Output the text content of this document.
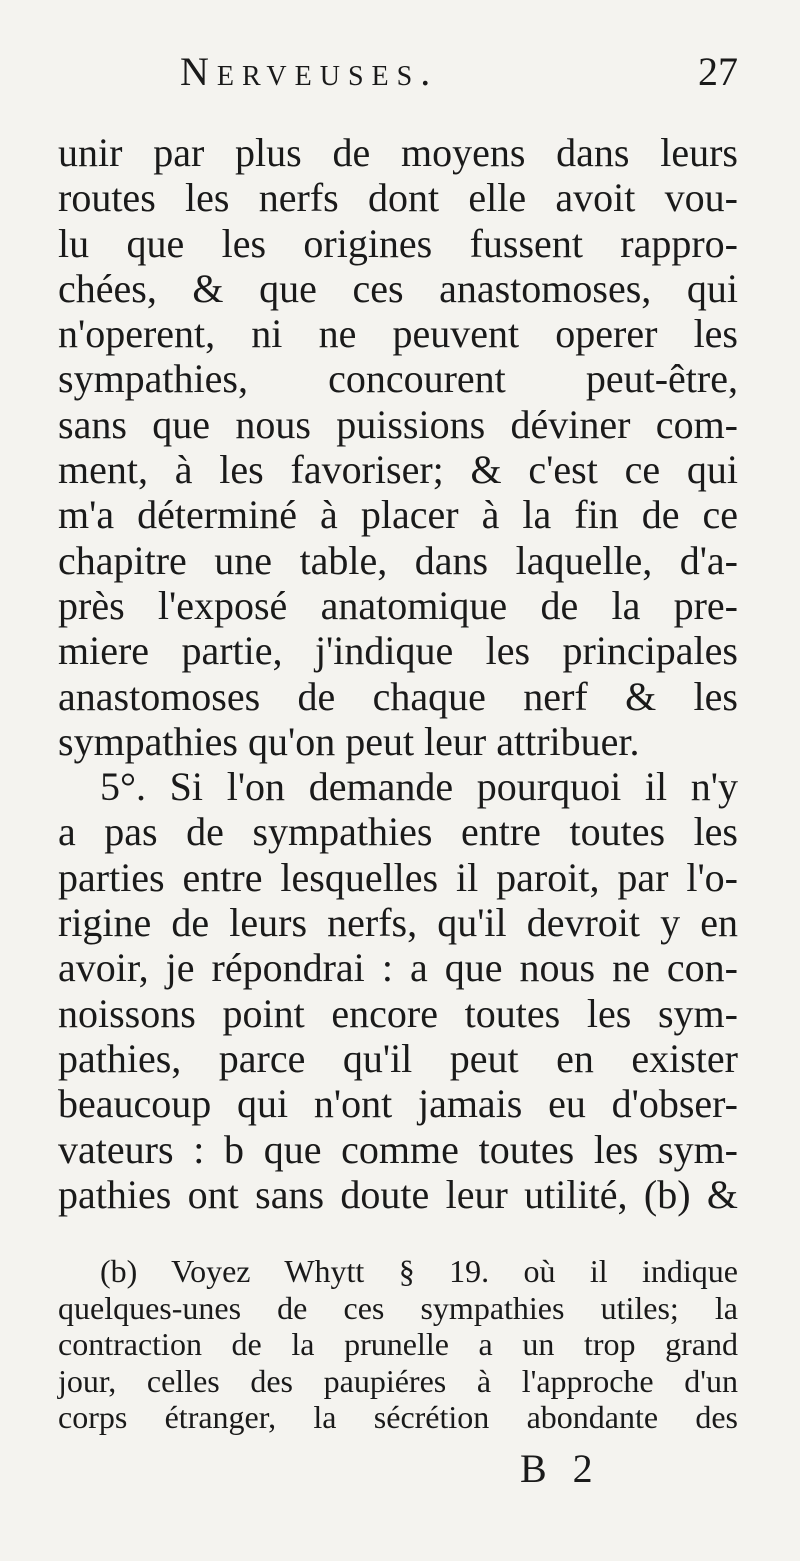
Nerveuses.	27
unir par plus de moyens dans leurs
routes les nerfs dont elle avoit vou-
lu que les origines fussent rappro-
chées, & que ces anastomoses, qui
n'operent, ni ne peuvent operer les
sympathies, concourent peut-être,
sans que nous puissions déviner com-
ment, à les favoriser; & c'est ce qui
m'a déterminé à placer à la fin de ce
chapitre une table, dans laquelle, d'a-
près l'exposé anatomique de la pre-
miere partie, j'indique les principales
anastomoses de chaque nerf & les
sympathies qu'on peut leur attribuer.
5°. Si l'on demande pourquoi il n'y
a pas de sympathies entre toutes les
parties entre lesquelles il paroit, par l'o-
rigine de leurs nerfs, qu'il devroit y en
avoir, je répondrai : a que nous ne con-
noissons point encore toutes les sym-
pathies, parce qu'il peut en exister
beaucoup qui n'ont jamais eu d'obser-
vateurs : b que comme toutes les sym-
pathies ont sans doute leur utilité, (b) &
(b) Voyez Whytt § 19. où il indique
quelques-unes de ces sympathies utiles; la
contraction de la prunelle a un trop grand
jour, celles des paupiéres à l'approche d'un
corps étranger, la sécrétion abondante des
B 2
